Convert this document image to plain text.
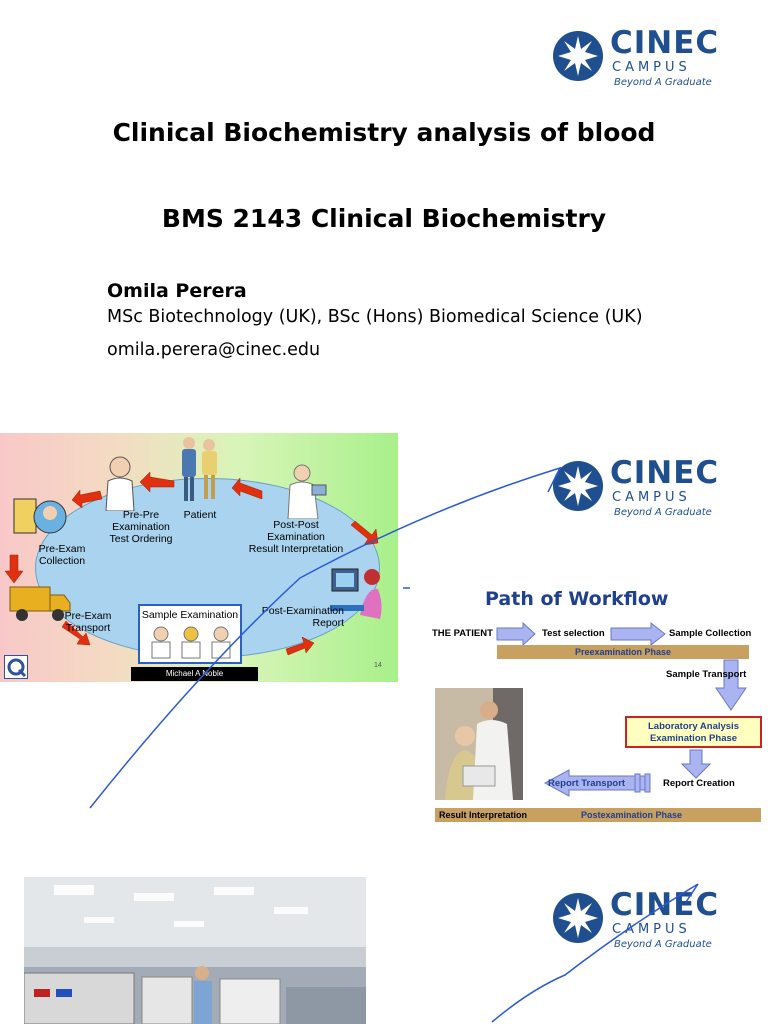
CINEC
CAMPUS
Beyond A Graduate
Clinical Biochemistry analysis of blood
BMS 2143 Clinical Biochemistry
Omila Perera
MSc Biotechnology (UK), BSc (Hons) Biomedical Science (UK)
omila.perera@cinec.edu
Patient
Pre-Pre
Examination
Test Ordering
Post-Post
Examination
Result Interpretation
Pre-Exam
Collection
Pre-Exam
Transport
Post-Examination
Report
Sample Examination
Michael A Noble
14
CINEC
CAMPUS
Beyond A Graduate
Path of Workflow
THE PATIENT	Test selection	Sample Collection
Preexamination Phase
Sample Transport
Laboratory Analysis
Examination Phase
Report Transport	Report Creation
Result Interpretation	Postexamination Phase
CINEC
CAMPUS
Beyond A Graduate
